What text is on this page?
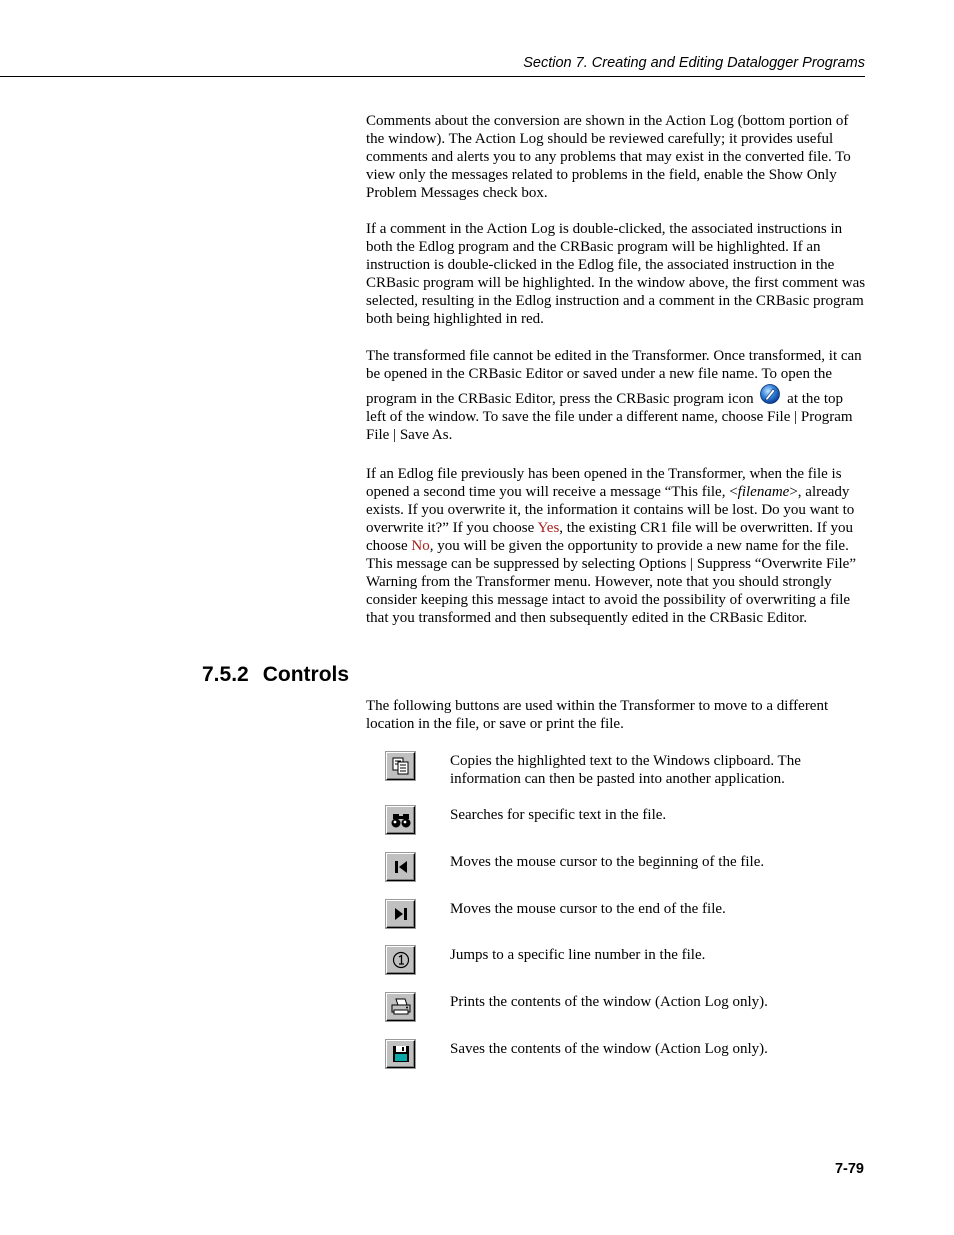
Section 7. Creating and Editing Datalogger Programs

Comments about the conversion are shown in the Action Log (bottom portion of the window). The Action Log should be reviewed carefully; it provides useful comments and alerts you to any problems that may exist in the converted file. To view only the messages related to problems in the field, enable the Show Only Problem Messages check box.

If a comment in the Action Log is double-clicked, the associated instructions in both the Edlog program and the CRBasic program will be highlighted. If an instruction is double-clicked in the Edlog file, the associated instruction in the CRBasic program will be highlighted. In the window above, the first comment was selected, resulting in the Edlog instruction and a comment in the CRBasic program both being highlighted in red.

The transformed file cannot be edited in the Transformer. Once transformed, it can be opened in the CRBasic Editor or saved under a new file name. To open the program in the CRBasic Editor, press the CRBasic program icon at the top left of the window. To save the file under a different name, choose File | Program File | Save As.

If an Edlog file previously has been opened in the Transformer, when the file is opened a second time you will receive a message “This file, <filename>, already exists. If you overwrite it, the information it contains will be lost. Do you want to overwrite it?” If you choose Yes, the existing CR1 file will be overwritten. If you choose No, you will be given the opportunity to provide a new name for the file. This message can be suppressed by selecting Options | Suppress “Overwrite File” Warning from the Transformer menu. However, note that you should strongly consider keeping this message intact to avoid the possibility of overwriting a file that you transformed and then subsequently edited in the CRBasic Editor.

7.5.2 Controls

The following buttons are used within the Transformer to move to a different location in the file, or save or print the file.

Copies the highlighted text to the Windows clipboard. The information can then be pasted into another application.
Searches for specific text in the file.
Moves the mouse cursor to the beginning of the file.
Moves the mouse cursor to the end of the file.
Jumps to a specific line number in the file.
Prints the contents of the window (Action Log only).
Saves the contents of the window (Action Log only).
7-79
